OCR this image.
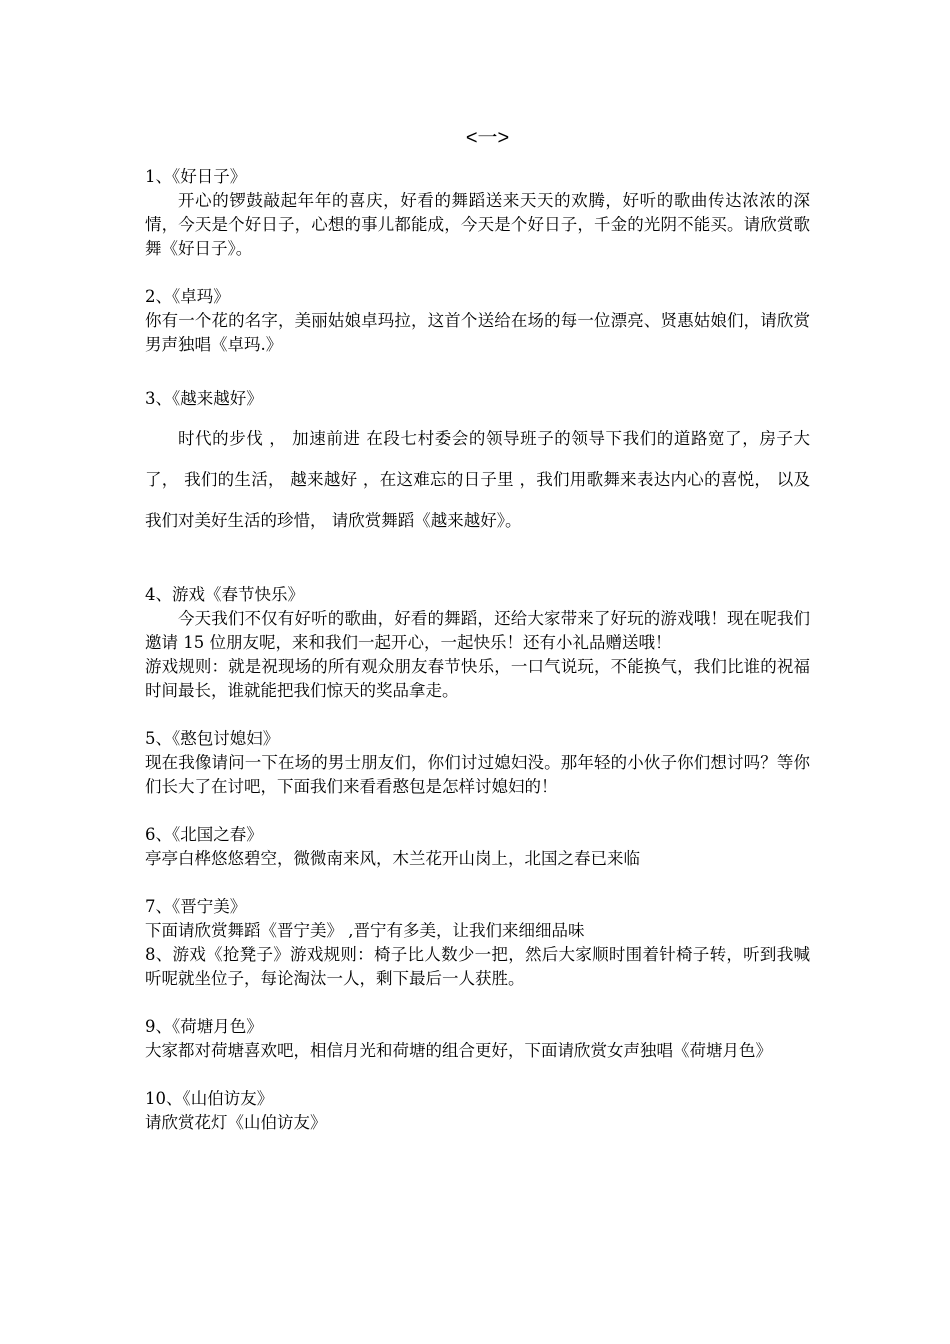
<一>
1、《好日子》

开心的锣鼓敲起年年的喜庆，好看的舞蹈送来天天的欢腾，好听的歌曲传达浓浓的深情，今天是个好日子，心想的事儿都能成，今天是个好日子，千金的光阴不能买。请欣赏歌舞《好日子》。

2、《卓玛》

你有一个花的名字，美丽姑娘卓玛拉，这首个送给在场的每一位漂亮、贤惠姑娘们，请欣赏男声独唱《卓玛.》

3、《越来越好》

时代的步伐 ， 加速前进 在段七村委会的领导班子的领导下我们的道路宽了，房子大了， 我们的生活， 越来越好 ，在这难忘的日子里 ，我们用歌舞来表达内心的喜悦， 以及我们对美好生活的珍惜， 请欣赏舞蹈《越来越好》。

4、游戏《春节快乐》

今天我们不仅有好听的歌曲，好看的舞蹈，还给大家带来了好玩的游戏哦！现在呢我们邀请 15 位朋友呢，来和我们一起开心，一起快乐！还有小礼品赠送哦！

游戏规则：就是祝现场的所有观众朋友春节快乐，一口气说玩，不能换气，我们比谁的祝福时间最长，谁就能把我们惊天的奖品拿走。

5、《憨包讨媳妇》

现在我像请问一下在场的男士朋友们，你们讨过媳妇没。那年轻的小伙子你们想讨吗？等你们长大了在讨吧，下面我们来看看憨包是怎样讨媳妇的！

6、《北国之春》

亭亭白桦悠悠碧空，微微南来风，木兰花开山岗上，北国之春已来临

7、《晋宁美》

下面请欣赏舞蹈《晋宁美》 ,晋宁有多美，让我们来细细品味

8、游戏《抢凳子》游戏规则：椅子比人数少一把，然后大家顺时围着针椅子转，听到我喊听呢就坐位子，每论淘汰一人，剩下最后一人获胜。

9、《荷塘月色》

大家都对荷塘喜欢吧，相信月光和荷塘的组合更好，下面请欣赏女声独唱《荷塘月色》

10、《山伯访友》

请欣赏花灯《山伯访友》
